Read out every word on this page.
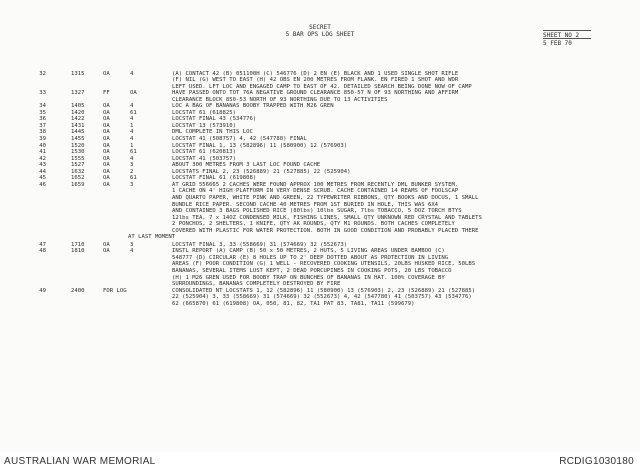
SECRET
5 BAR OPS LOG SHEET	SHEET NO 2
5 FEB 70
32	1315	OA	4	(A) CONTACT 42 (B) 051100H (C) 546776 (D) 2 EN (E) BLACK AND 1 USED SINGLE SHOT RIFLE
(F) NIL (G) WEST TO EAST (H) 42 OBS EN 200 METRES FROM FLANK. EN FIRED 1 SHOT AND WDR
LEFT USED. LFT LOC AND ENGAGED CAMP TO EAST OF 42. DETAILED SEARCH BEING DONE NOW OF CAMP
33	1327	FF	OA	HAVE PASSED ONTO TOT 76A NEGATIVE GROUND CLEARANCE 850-57 N OF 93 NORTHING AND AFFIRM
CLEARANCE BLOCK 850-53 NORTH OF 93 NORTHING DUE TO 13 ACTIVITIES
34	1405	OA	4	LOC A BAG OF BANANAS BOOBY TRAPPED WITH M26 GREN
35	1420	OA	61	LOCSTAT 61 (618825)
36	1422	OA	4	LOCSTAT FINAL 43 (534776)
37	1431	OA	1	LOCSTAT 13 (573910)
38	1445	OA	4	DML COMPLETE IN THIS LOC
39	1455	OA	4	LOCSTAT 41 (508757) 4, 42 (547780) FINAL
40	1520	OA	1	LOCSTAT FINAL 1, 13 (582896) 11 (580900) 12 (576903)
41	1530	OA	61	LOCSTAT 61 (620813)
42	1555	OA	4	LOCSTAT 41 (503757)
43	1527	OA	3	ABOUT 300 METRES FROM 3 LAST LOC FOUND CACHE
44	1632	OA	2	LOCSTATS FINAL 2, 23 (526889) 21 (527885) 22 (525904)
45	1652	OA	61	LOCSTAT FINAL 61 (619808)
46	1659	OA	3	AT GRID 556665 2 CACHES WERE FOUND APPROX 100 METRES FROM RECENTLY DML BUNKER SYSTEM.
1 CACHE ON 4' HIGH PLATFORM IN VERY DENSE SCRUB. CACHE CONTAINED 14 REAMS OF FOOLSCAP
AND QUARTO PAPER, WHITE PINK AND GREEN, 22 TYPEWRITER RIBBONS, QTY BOOKS AND DOCUS, 1 SMALL
BUNDLE RICE PAPER. SECOND CACHE 40 METRES FROM 1ST BURIED IN HOLE, THIS WAS 6X4
AND CONTAINED 3 BAGS POLISHED RICE (80lbs) 10lbs SUGAR, 7lbs TOBACCO, 5 DOZ TORCH BTYS
12lbs TEA, 7 x 14OZ CONDENSED MILK, FISHING LINES, SMALL QTY UNKNOWN RED CRYSTAL AND TABLETS
2 PONCHOS, 2 SHELTERS, 1 KNIFE, QTY AK ROUNDS, QTY M1 ROUNDS. BOTH CACHES COMPLETELY
COVERED WITH PLASTIC FOR WATER PROTECTION. BOTH IN GOOD CONDITION AND PROBABLY PLACED THERE
AT LAST MOMENT
47	1710	OA	3	LOCSTAT FINAL 3, 33 (558669) 31 (574669) 32 (552673)
48	1810	OA	4	INSTL REPORT (A) CAMP (B) 50 x 50 METRES, 2 HUTS, 5 LIVING AREAS UNDER BAMBOO (C)
548777 (D) CIRCULAR (E) 8 HOLES UP TO 2' DEEP DOTTED ABOUT AS PROTECTION IN LIVING
AREAS (F) POOR CONDITION (G) 1 WELL - RECOVERED COOKING UTENSILS, 20LBS HUSKED RICE, 50LBS
BANANAS, SEVERAL ITEMS LUST KEPT, 2 DEAD PORCUPINES IN COOKING POTS, 20 LBS TOBACCO
(H) 1 M26 GREN USED FOR BOOBY TRAP ON BUNCHES OF BANANAS IN HAT. 100% COVERAGE BY
SURROUNDINGS, BANANAS COMPLETELY DESTROYED BY FIRE
49	2400	FOR LOG	CONSOLIDATED NT LOCSTATS 1, 12 (582896) 11 (580900) 13 (576903) 2, 23 (526889) 21 (527885)
22 (525904) 3, 33 (558669) 31 (574669) 32 (552673) 4, 42 (547780) 41 (503757) 43 (534776)
62 (665870) 61 (619808) OA, 050, 81, 82, TA1 PAT 83, TA81, TA11 (599679)
AUSTRALIAN WAR MEMORIAL	RCDIG1030180
